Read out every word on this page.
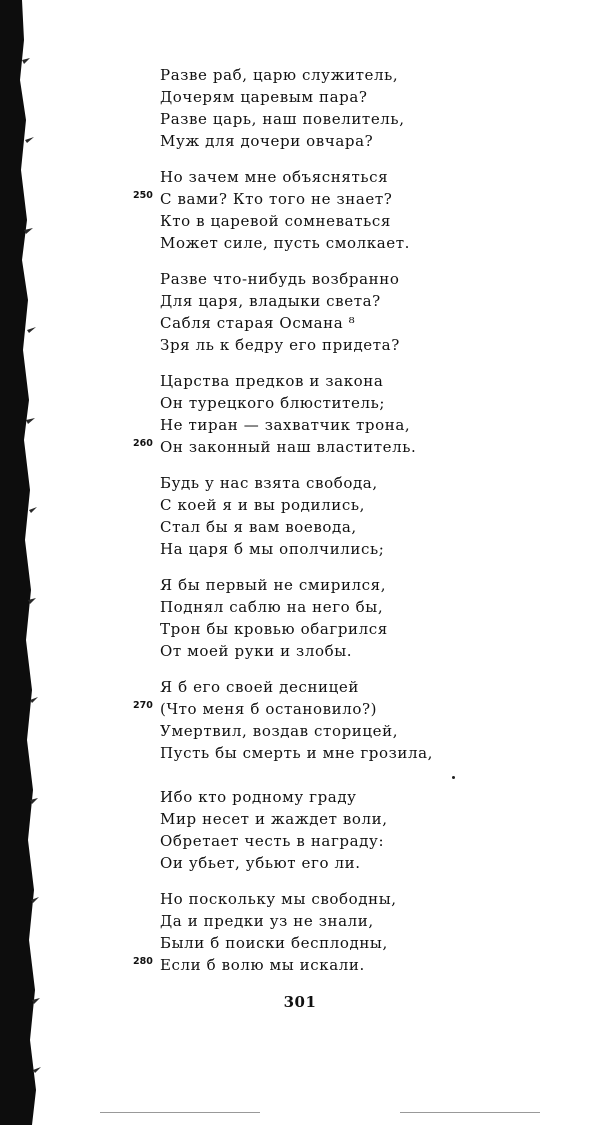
Разве раб, царю служитель,
Дочерям царевым пара?
Разве царь, наш повелитель,
Муж для дочери овчара?
Но зачем мне объясняться
С вами? Кто того не знает?
250
Кто в царевой сомневаться
Может силе, пусть смолкает.
Разве что-нибудь возбранно
Для царя, владыки света?
Сабля старая Османа ⁸
Зря ль к бедру его придета?
Царства предков и закона
Он турецкого блюститель;
Не тиран — захватчик трона,
Он законный наш властитель.
260
Будь у нас взята свобода,
С коей я и вы родились,
Стал бы я вам воевода,
На царя б мы ополчились;
Я бы первый не смирился,
Поднял саблю на него бы,
Трон бы кровью обагрился
От моей руки и злобы.
Я б его своей десницей
(Что меня б остановило?)
270
Умертвил, воздав сторицей,
Пусть бы смерть и мне грозила,
Ибо кто родному граду
Мир несет и жаждет воли,
Обретает честь в награду:
Ои убьет, убьют его ли.
Но поскольку мы свободны,
Да и предки уз не знали,
Были б поиски бесплодны,
Если б волю мы искали.
280
301
